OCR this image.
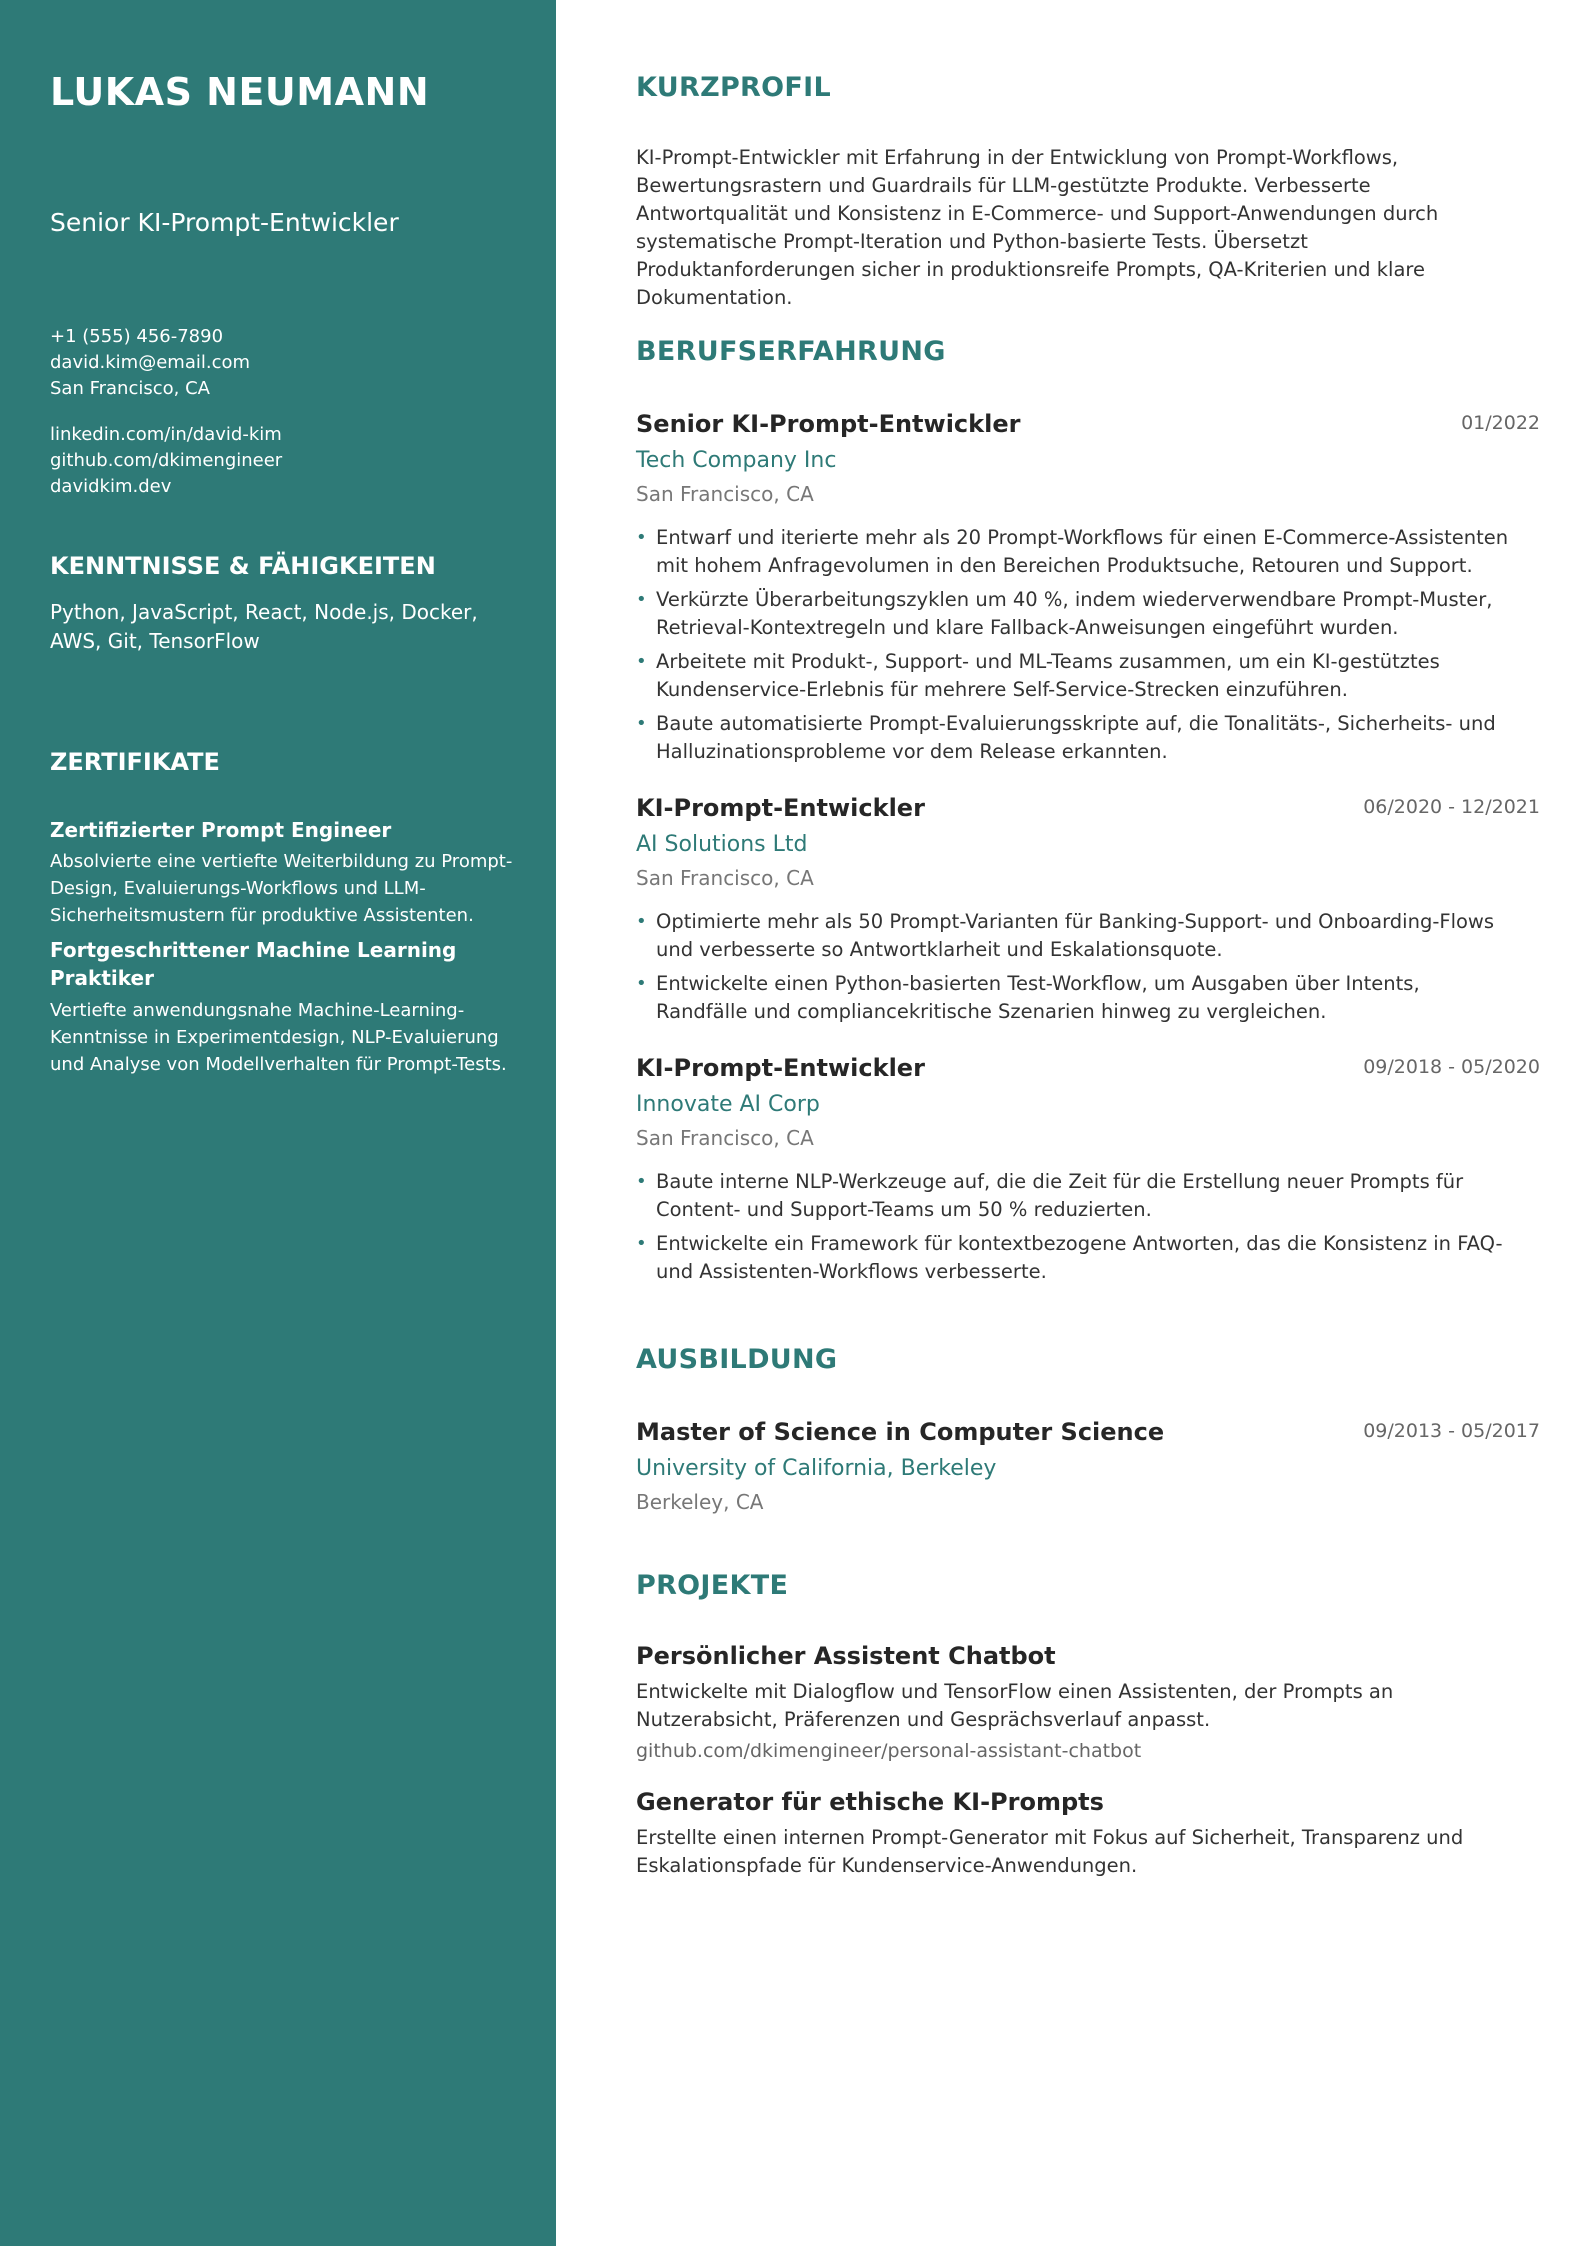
LUKAS NEUMANN
Senior KI-Prompt-Entwickler
+1 (555) 456-7890
david.kim@email.com
San Francisco, CA
linkedin.com/in/david-kim
github.com/dkimengineer
davidkim.dev
KENNTNISSE & FÄHIGKEITEN
Python, JavaScript, React, Node.js, Docker, AWS, Git, TensorFlow
ZERTIFIKATE
Zertifizierter Prompt Engineer
Absolvierte eine vertiefte Weiterbildung zu Prompt-Design, Evaluierungs-Workflows und LLM-Sicherheitsmustern für produktive Assistenten.
Fortgeschrittener Machine Learning Praktiker
Vertiefte anwendungsnahe Machine-Learning-Kenntnisse in Experimentdesign, NLP-Evaluierung und Analyse von Modellverhalten für Prompt-Tests.
KURZPROFIL
KI-Prompt-Entwickler mit Erfahrung in der Entwicklung von Prompt-Workflows, Bewertungsrastern und Guardrails für LLM-gestützte Produkte. Verbesserte Antwortqualität und Konsistenz in E-Commerce- und Support-Anwendungen durch systematische Prompt-Iteration und Python-basierte Tests. Übersetzt Produktanforderungen sicher in produktionsreife Prompts, QA-Kriterien und klare Dokumentation.
BERUFSERFAHRUNG
Senior KI-Prompt-Entwickler	01/2022
Tech Company Inc
San Francisco, CA
• Entwarf und iterierte mehr als 20 Prompt-Workflows für einen E-Commerce-Assistenten mit hohem Anfragevolumen in den Bereichen Produktsuche, Retouren und Support.
• Verkürzte Überarbeitungszyklen um 40 %, indem wiederverwendbare Prompt-Muster, Retrieval-Kontextregeln und klare Fallback-Anweisungen eingeführt wurden.
• Arbeitete mit Produkt-, Support- und ML-Teams zusammen, um ein KI-gestütztes Kundenservice-Erlebnis für mehrere Self-Service-Strecken einzuführen.
• Baute automatisierte Prompt-Evaluierungsskripte auf, die Tonalitäts-, Sicherheits- und Halluzinationsprobleme vor dem Release erkannten.
KI-Prompt-Entwickler	06/2020 - 12/2021
AI Solutions Ltd
San Francisco, CA
• Optimierte mehr als 50 Prompt-Varianten für Banking-Support- und Onboarding-Flows und verbesserte so Antwortklarheit und Eskalationsquote.
• Entwickelte einen Python-basierten Test-Workflow, um Ausgaben über Intents, Randfälle und compliancekritische Szenarien hinweg zu vergleichen.
KI-Prompt-Entwickler	09/2018 - 05/2020
Innovate AI Corp
San Francisco, CA
• Baute interne NLP-Werkzeuge auf, die die Zeit für die Erstellung neuer Prompts für Content- und Support-Teams um 50 % reduzierten.
• Entwickelte ein Framework für kontextbezogene Antworten, das die Konsistenz in FAQ- und Assistenten-Workflows verbesserte.
AUSBILDUNG
Master of Science in Computer Science	09/2013 - 05/2017
University of California, Berkeley
Berkeley, CA
PROJEKTE
Persönlicher Assistent Chatbot
Entwickelte mit Dialogflow und TensorFlow einen Assistenten, der Prompts an Nutzerabsicht, Präferenzen und Gesprächsverlauf anpasst.
github.com/dkimengineer/personal-assistant-chatbot
Generator für ethische KI-Prompts
Erstellte einen internen Prompt-Generator mit Fokus auf Sicherheit, Transparenz und Eskalationspfade für Kundenservice-Anwendungen.
